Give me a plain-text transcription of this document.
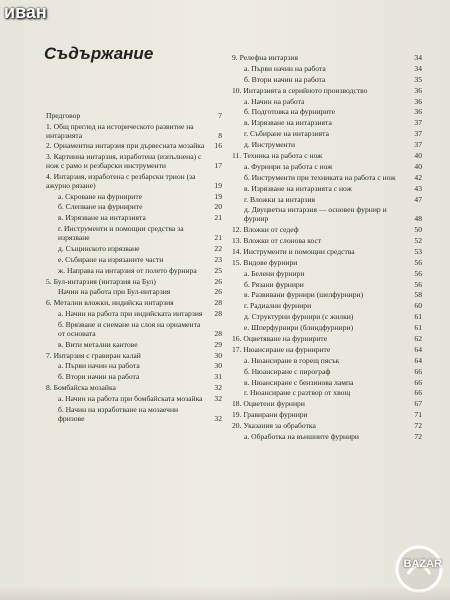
иван
Съдържание
Предговор	7
1. Общ преглед на историческото развитие на интарзията	8
2. Орнаментна интарзия при дървесната мозайка	16
3. Картинна интарзия, изработена (изпълнена) с нож с рамо и резбарски инструменти	17
4. Интарзия, изработена с резбарски трион (за ажурно рязане)	19
а. Скроване на фурнирите	19
б. Слепване на фурнирите	20
в. Изрязване на интарзията	21
г. Инструменти и помощни средства за изрязване	21
д. Същинското изрязване	22
е. Събиране на изрязаните части	23
ж. Направа на интарзия от полето фурнира	25
5. Бул-интарзия (интарзия на Бул)	26
Начин на работа при Бул-интарзия	26
6. Метални вложки, индийска интарзия	28
а. Начин на работа при индийската интарзия	28
б. Врязване и снемане на слоя на орнамента от основата	28
в. Вити метални кантове	29
7. Интарзия с гравиран калай	30
а. Първи начин на работа	30
б. Втори начин на работа	31
8. Бомбайска мозайка	32
а. Начин на работа при бомбайската мозайка	32
б. Начин на изработване на мозаечни фризове	32
9. Релефна интарзия	34
а. Първи начин на работа	34
б. Втори начин на работа	35
10. Интарзията в серийното производство	36
а. Начин на работа	36
б. Подготовка на фурнирите	36
в. Изрязване на интарзията	37
г. Събиране на интарзията	37
д. Инструменти	37
11. Техника на работа с нож	40
а. Фурнири за работа с нож	40
б. Инструменти при техниката на работа с нож	42
в. Изрязване на интарзията с нож	43
г. Вложки за интарзия	47
д. Двуцветна интарзия — основен фурнир и фурнир	48
12. Вложки от седеф	50
13. Вложки от слонова кост	52
14. Инструменти и помощни средства	53
15. Видове фурнири	56
а. Белени фурнири	56
б. Рязани фурнири	56
в. Развивани фурнири (шелфурнири)	58
г. Радиални фурнири	60
д. Структурни фурнири (с жилки)	61
е. Шперфурнири (блиндфурнири)	61
16. Оцветяване на фурнирите	62
17. Нюансиране на фурнирите	64
а. Нюансиране в горещ пясък	64
б. Нюансиране с пирограф	66
в. Нюансиране с бензинова лампа	66
г. Нюансиране с разтвор от хвощ	66
18. Оцветени фурнири	67
19. Гравирани фурнири	71
20. Указания за обработка	72
а. Обработка на външните фурнири	72
BAZAR
